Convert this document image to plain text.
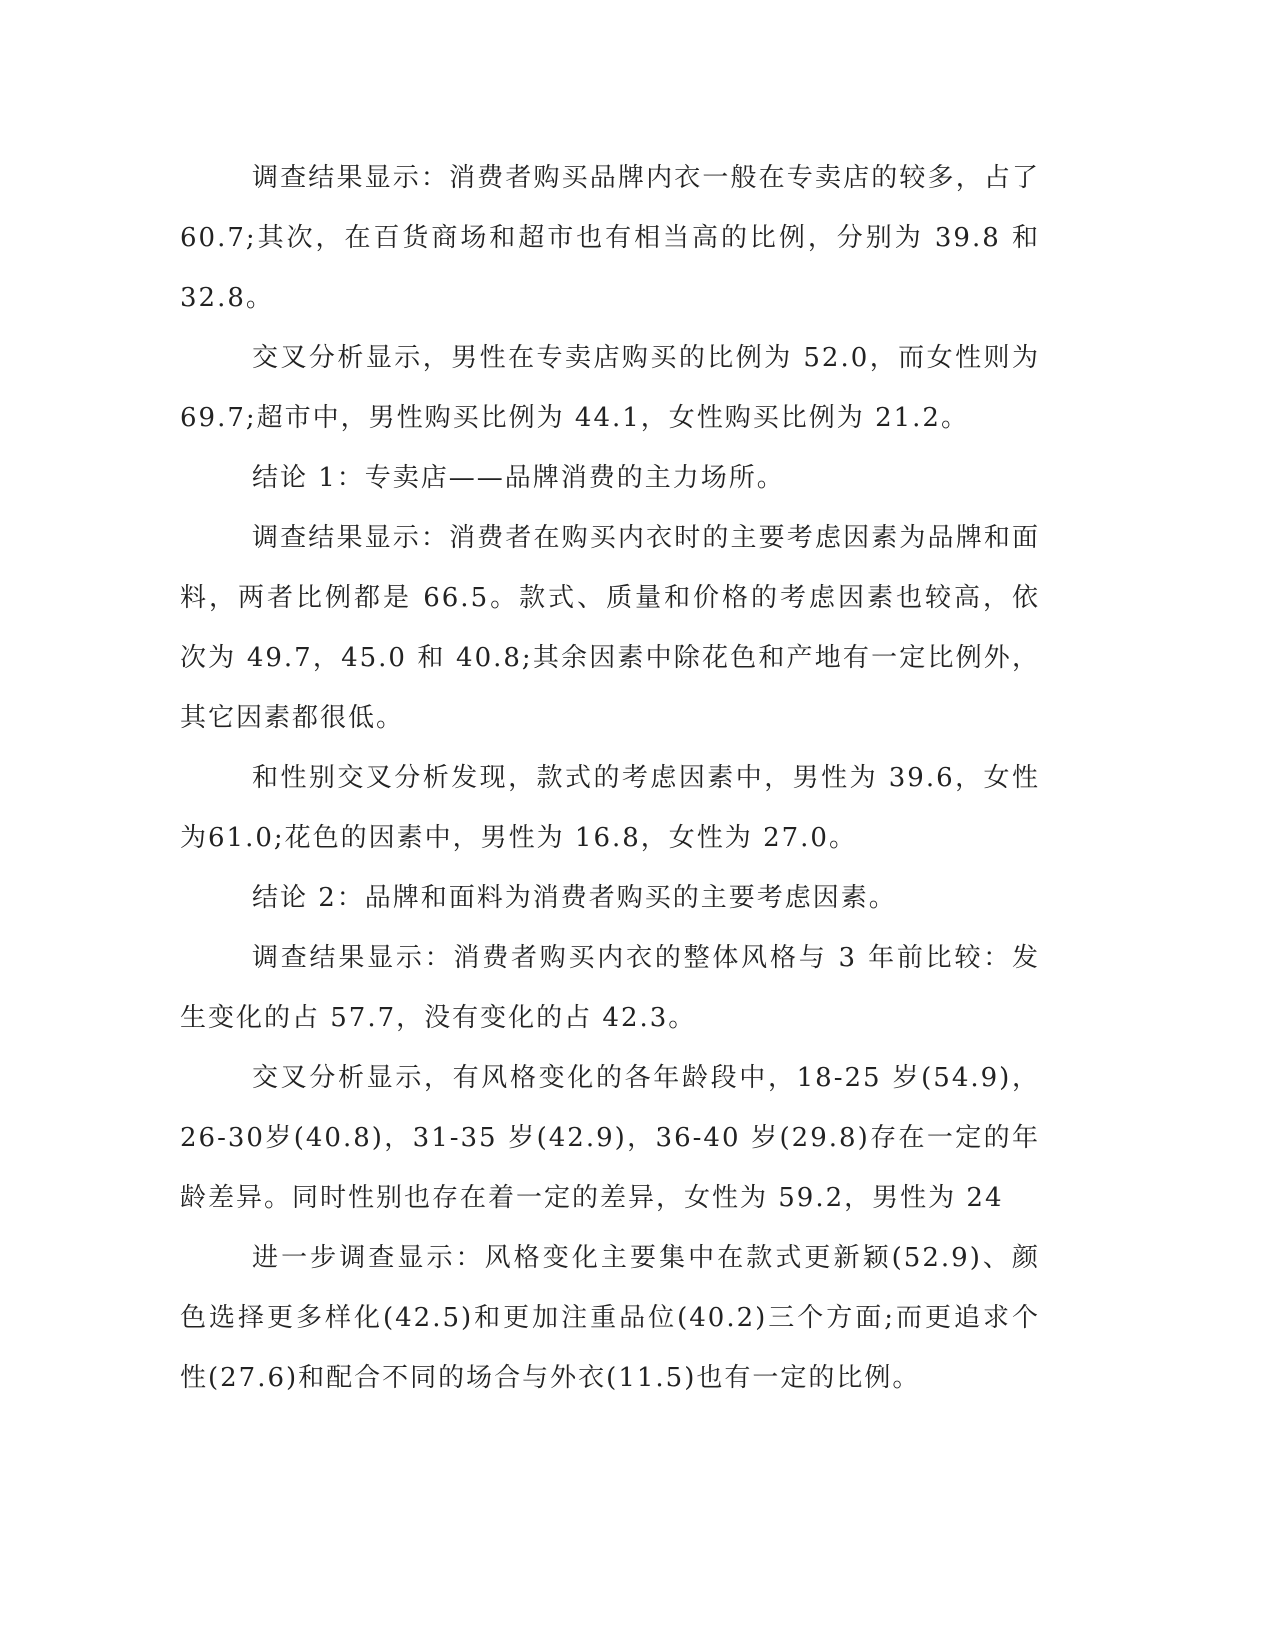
调查结果显示：消费者购买品牌内衣一般在专卖店的较多，占了60.7;其次，在百货商场和超市也有相当高的比例，分别为 39.8 和 32.8。

交叉分析显示，男性在专卖店购买的比例为 52.0，而女性则为69.7;超市中，男性购买比例为 44.1，女性购买比例为 21.2。

结论 1：专卖店——品牌消费的主力场所。

调查结果显示：消费者在购买内衣时的主要考虑因素为品牌和面料，两者比例都是 66.5。款式、质量和价格的考虑因素也较高，依次为 49.7，45.0 和 40.8;其余因素中除花色和产地有一定比例外，其它因素都很低。

和性别交叉分析发现，款式的考虑因素中，男性为 39.6，女性为61.0;花色的因素中，男性为 16.8，女性为 27.0。

结论 2：品牌和面料为消费者购买的主要考虑因素。

调查结果显示：消费者购买内衣的整体风格与 3 年前比较：发生变化的占 57.7，没有变化的占 42.3。

交叉分析显示，有风格变化的各年龄段中，18-25 岁(54.9)，26-30岁(40.8)，31-35 岁(42.9)，36-40 岁(29.8)存在一定的年龄差异。同时性别也存在着一定的差异，女性为 59.2，男性为 24

进一步调查显示：风格变化主要集中在款式更新颖(52.9)、颜色选择更多样化(42.5)和更加注重品位(40.2)三个方面;而更追求个性(27.6)和配合不同的场合与外衣(11.5)也有一定的比例。
